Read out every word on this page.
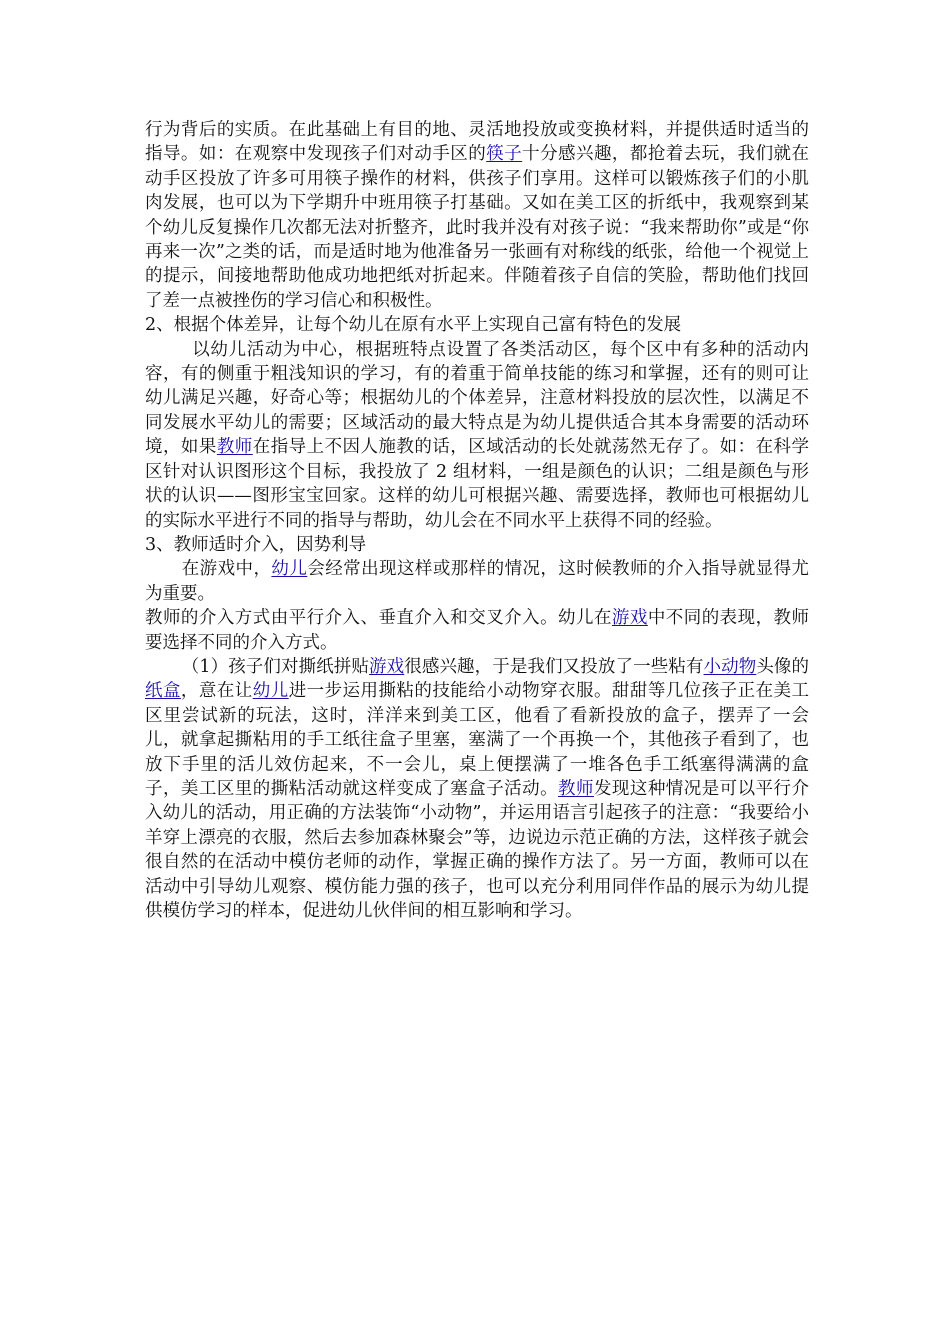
行为背后的实质。在此基础上有目的地、灵活地投放或变换材料，并提供适时适当的指导。如：在观察中发现孩子们对动手区的筷子十分感兴趣，都抢着去玩，我们就在动手区投放了许多可用筷子操作的材料，供孩子们享用。这样可以锻炼孩子们的小肌肉发展，也可以为下学期升中班用筷子打基础。又如在美工区的折纸中，我观察到某个幼儿反复操作几次都无法对折整齐，此时我并没有对孩子说：“我来帮助你”或是“你再来一次”之类的话，而是适时地为他准备另一张画有对称线的纸张，给他一个视觉上的提示，间接地帮助他成功地把纸对折起来。伴随着孩子自信的笑脸，帮助他们找回了差一点被挫伤的学习信心和积极性。

2、根据个体差异，让每个幼儿在原有水平上实现自己富有特色的发展

以幼儿活动为中心，根据班特点设置了各类活动区，每个区中有多种的活动内容，有的侧重于粗浅知识的学习，有的着重于简单技能的练习和掌握，还有的则可让幼儿满足兴趣，好奇心等；根据幼儿的个体差异，注意材料投放的层次性，以满足不同发展水平幼儿的需要；区域活动的最大特点是为幼儿提供适合其本身需要的活动环境，如果教师在指导上不因人施教的话，区域活动的长处就荡然无存了。如：在科学区针对认识图形这个目标，我投放了 2 组材料，一组是颜色的认识；二组是颜色与形状的认识——图形宝宝回家。这样的幼儿可根据兴趣、需要选择，教师也可根据幼儿的实际水平进行不同的指导与帮助，幼儿会在不同水平上获得不同的经验。

3、教师适时介入，因势利导

在游戏中，幼儿会经常出现这样或那样的情况，这时候教师的介入指导就显得尤为重要。

教师的介入方式由平行介入、垂直介入和交叉介入。幼儿在游戏中不同的表现，教师要选择不同的介入方式。

（1）孩子们对撕纸拼贴游戏很感兴趣，于是我们又投放了一些粘有小动物头像的纸盒，意在让幼儿进一步运用撕粘的技能给小动物穿衣服。甜甜等几位孩子正在美工区里尝试新的玩法，这时，洋洋来到美工区，他看了看新投放的盒子，摆弄了一会儿，就拿起撕粘用的手工纸往盒子里塞，塞满了一个再换一个，其他孩子看到了，也放下手里的活儿效仿起来，不一会儿，桌上便摆满了一堆各色手工纸塞得满满的盒子，美工区里的撕粘活动就这样变成了塞盒子活动。教师发现这种情况是可以平行介入幼儿的活动，用正确的方法装饰“小动物”，并运用语言引起孩子的注意：“我要给小羊穿上漂亮的衣服，然后去参加森林聚会”等，边说边示范正确的方法，这样孩子就会很自然的在活动中模仿老师的动作，掌握正确的操作方法了。另一方面，教师可以在活动中引导幼儿观察、模仿能力强的孩子，也可以充分利用同伴作品的展示为幼儿提供模仿学习的样本，促进幼儿伙伴间的相互影响和学习。
